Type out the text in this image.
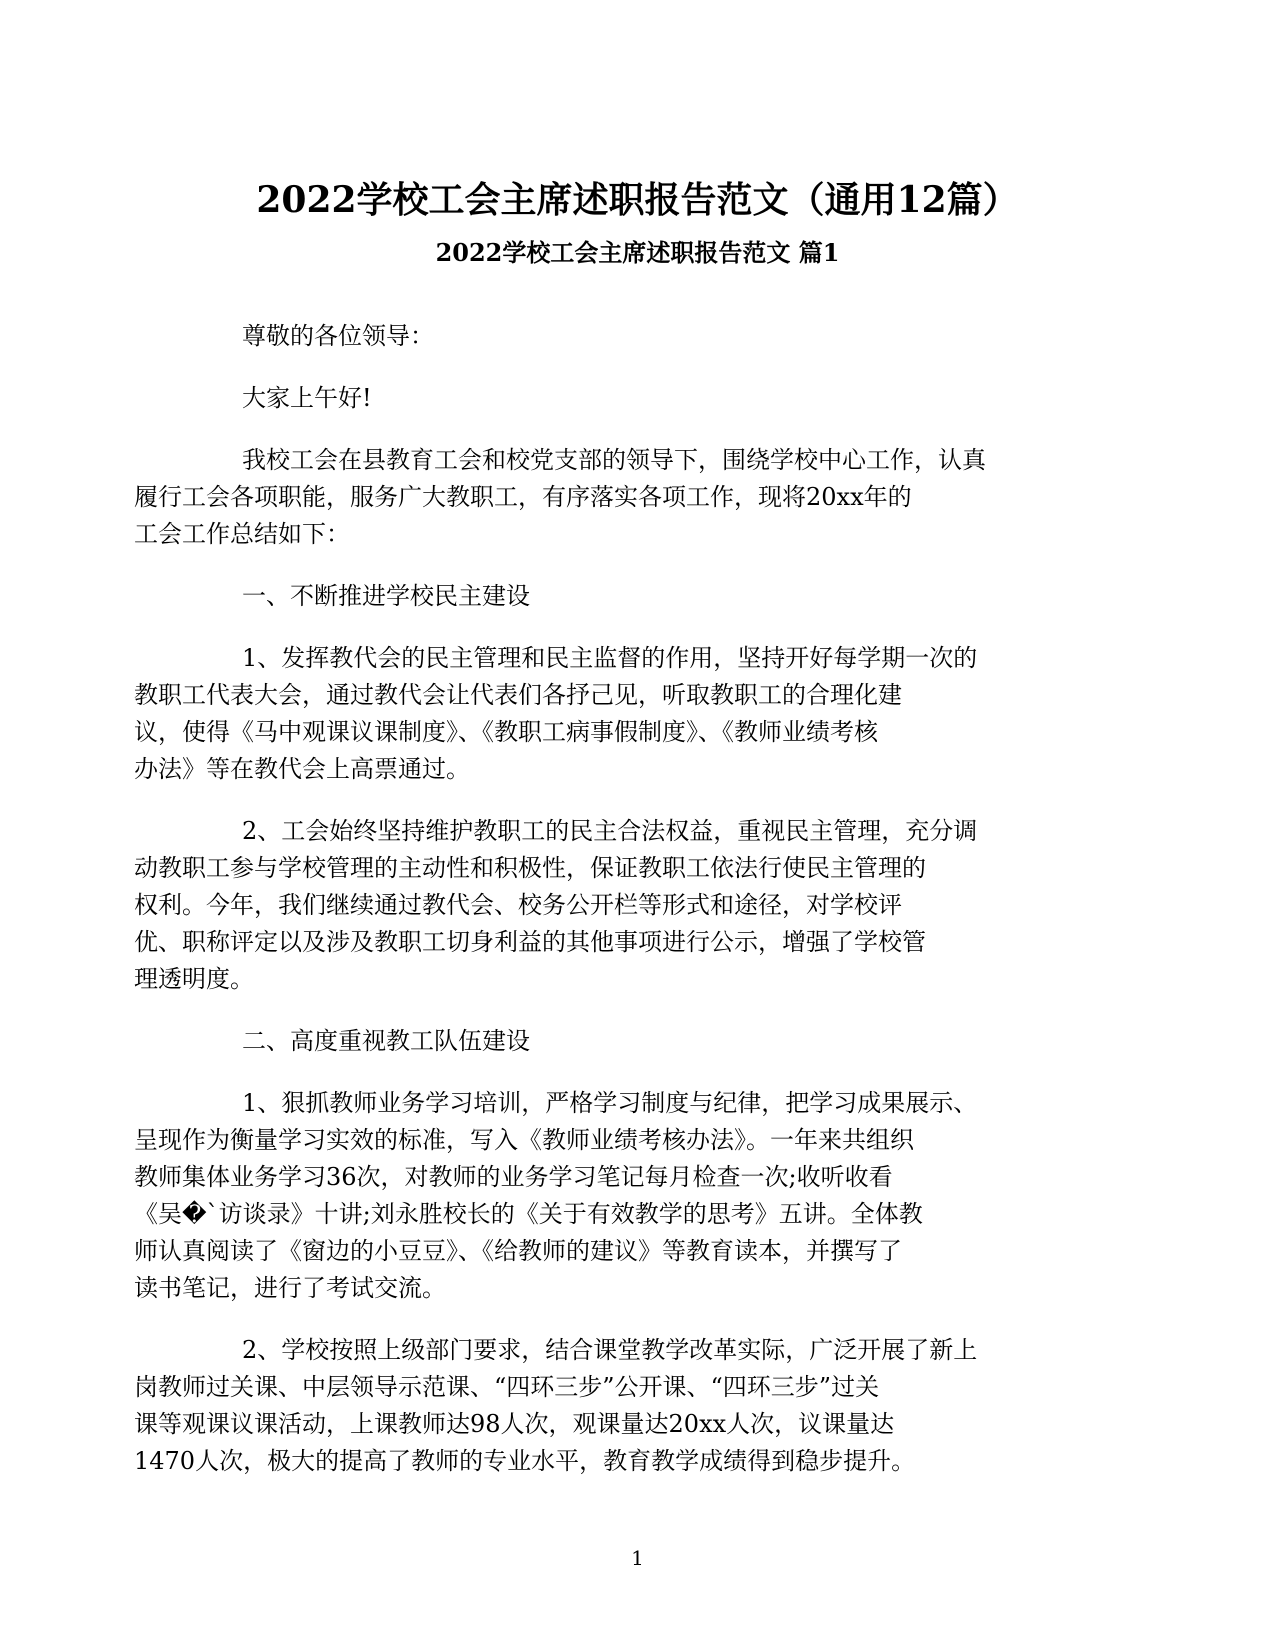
2022学校工会主席述职报告范文（通用12篇）
2022学校工会主席述职报告范文 篇1

尊敬的各位领导：

大家上午好!

我校工会在县教育工会和校党支部的领导下，围绕学校中心工作，认真
履行工会各项职能，服务广大教职工，有序落实各项工作，现将20xx年的
工会工作总结如下：

一、不断推进学校民主建设

1、发挥教代会的民主管理和民主监督的作用，坚持开好每学期一次的
教职工代表大会，通过教代会让代表们各抒己见，听取教职工的合理化建
议，使得《马中观课议课制度》、《教职工病事假制度》、《教师业绩考核
办法》等在教代会上高票通过。

2、工会始终坚持维护教职工的民主合法权益，重视民主管理，充分调
动教职工参与学校管理的主动性和积极性，保证教职工依法行使民主管理的
权利。今年，我们继续通过教代会、校务公开栏等形式和途径，对学校评
优、职称评定以及涉及教职工切身利益的其他事项进行公示，增强了学校管
理透明度。

二、高度重视教工队伍建设

1、狠抓教师业务学习培训，严格学习制度与纪律，把学习成果展示、
呈现作为衡量学习实效的标准，写入《教师业绩考核办法》。一年来共组织
教师集体业务学习36次，对教师的业务学习笔记每月检查一次;收听收看
《吴�`访谈录》十讲;刘永胜校长的《关于有效教学的思考》五讲。全体教
师认真阅读了《窗边的小豆豆》、《给教师的建议》等教育读本，并撰写了
读书笔记，进行了考试交流。

2、学校按照上级部门要求，结合课堂教学改革实际，广泛开展了新上
岗教师过关课、中层领导示范课、“四环三步”公开课、“四环三步”过关
课等观课议课活动，上课教师达98人次，观课量达20xx人次，议课量达
1470人次，极大的提高了教师的专业水平，教育教学成绩得到稳步提升。

1
